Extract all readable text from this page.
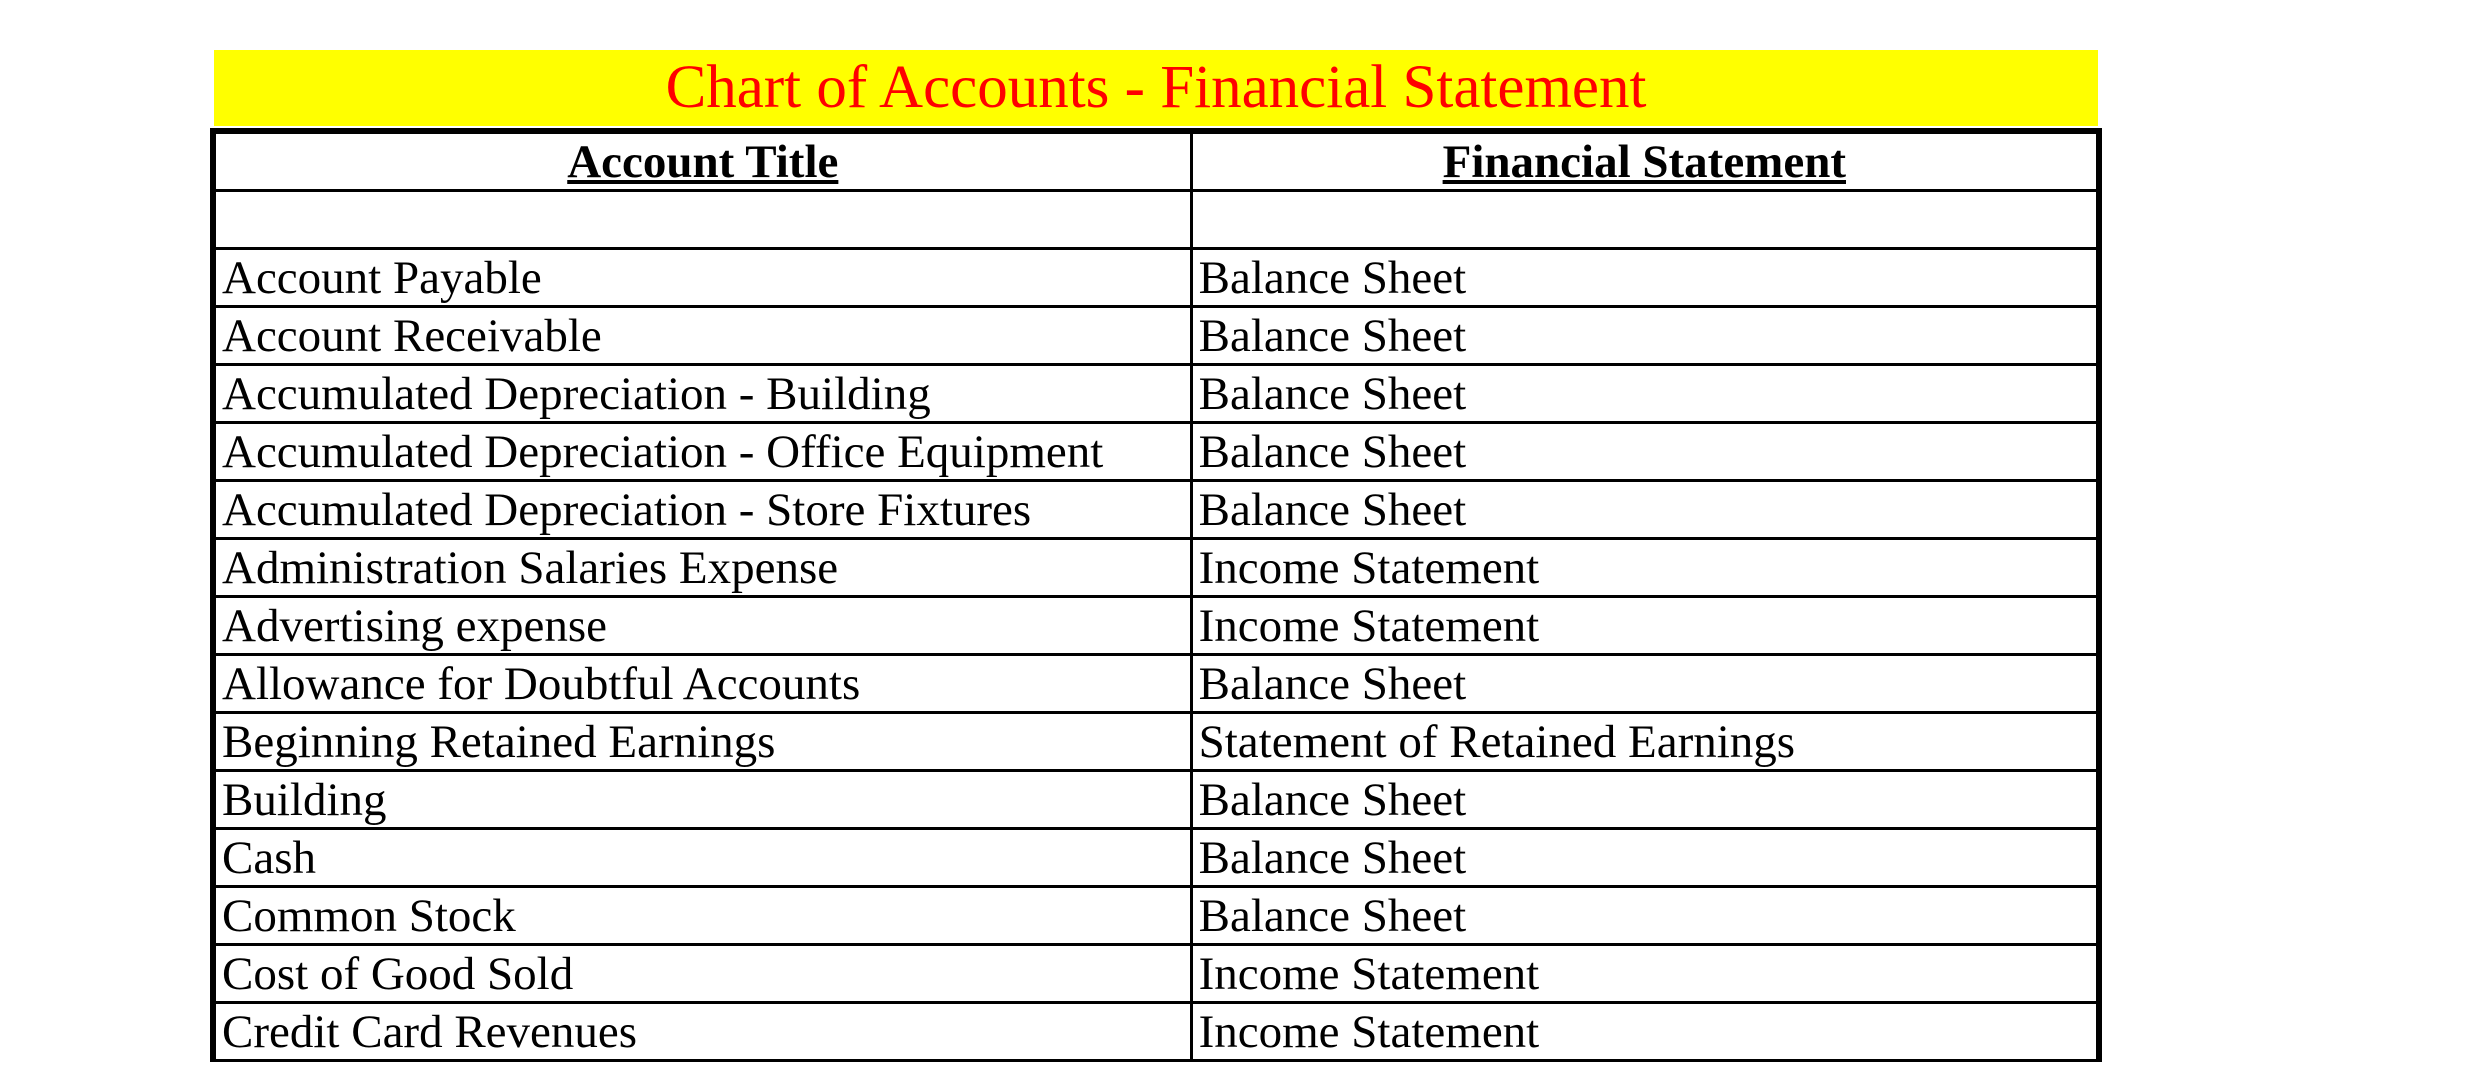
Chart of Accounts - Financial Statement
Account Title	Financial Statement

Account Payable	Balance Sheet
Account Receivable	Balance Sheet
Accumulated Depreciation - Building	Balance Sheet
Accumulated Depreciation - Office Equipment	Balance Sheet
Accumulated Depreciation - Store Fixtures	Balance Sheet
Administration Salaries Expense	Income Statement
Advertising expense	Income Statement
Allowance for Doubtful Accounts	Balance Sheet
Beginning Retained Earnings	Statement of Retained Earnings
Building	Balance Sheet
Cash	Balance Sheet
Common Stock	Balance Sheet
Cost of Good Sold	Income Statement
Credit Card Revenues	Income Statement
